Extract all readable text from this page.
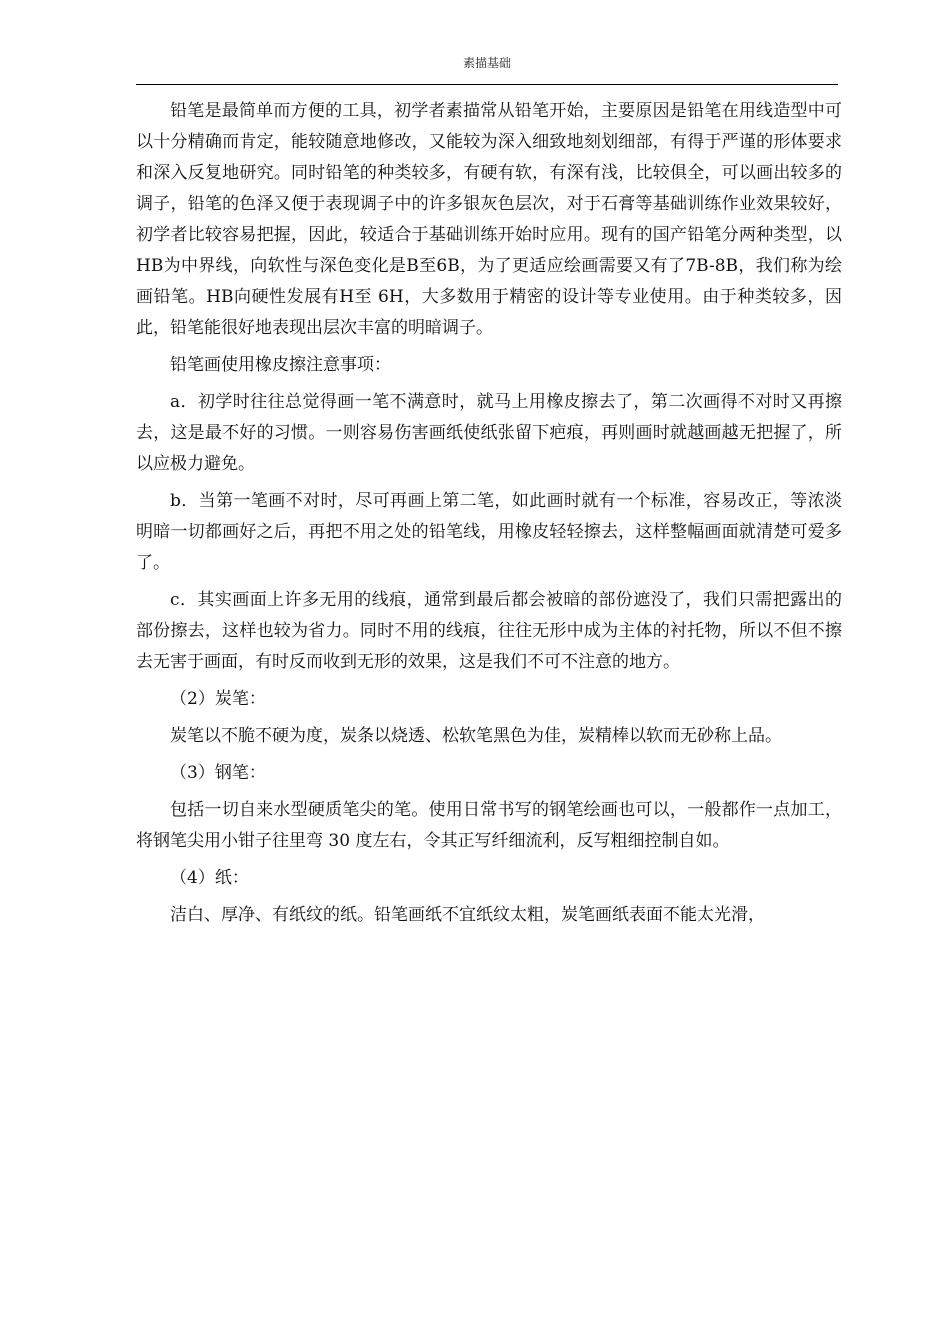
素描基础

铅笔是最简单而方便的工具，初学者素描常从铅笔开始，主要原因是铅笔在用线造型中可以十分精确而肯定，能较随意地修改，又能较为深入细致地刻划细部，有得于严谨的形体要求和深入反复地研究。同时铅笔的种类较多，有硬有软，有深有浅，比较俱全，可以画出较多的调子，铅笔的色泽又便于表现调子中的许多银灰色层次，对于石膏等基础训练作业效果较好，初学者比较容易把握，因此，较适合于基础训练开始时应用。现有的国产铅笔分两种类型，以HB为中界线，向软性与深色变化是B至6B，为了更适应绘画需要又有了7B-8B，我们称为绘画铅笔。HB向硬性发展有H至 6H，大多数用于精密的设计等专业使用。由于种类较多，因此，铅笔能很好地表现出层次丰富的明暗调子。

铅笔画使用橡皮擦注意事项：

a．初学时往往总觉得画一笔不满意时，就马上用橡皮擦去了，第二次画得不对时又再擦去，这是最不好的习惯。一则容易伤害画纸使纸张留下疤痕，再则画时就越画越无把握了，所以应极力避免。

b．当第一笔画不对时，尽可再画上第二笔，如此画时就有一个标准，容易改正，等浓淡明暗一切都画好之后，再把不用之处的铅笔线，用橡皮轻轻擦去，这样整幅画面就清楚可爱多了。

c．其实画面上许多无用的线痕，通常到最后都会被暗的部份遮没了，我们只需把露出的部份擦去，这样也较为省力。同时不用的线痕，往往无形中成为主体的衬托物，所以不但不擦去无害于画面，有时反而收到无形的效果，这是我们不可不注意的地方。

（2）炭笔：

炭笔以不脆不硬为度，炭条以烧透、松软笔黑色为佳，炭精棒以软而无砂称上品。

（3）钢笔：

包括一切自来水型硬质笔尖的笔。使用日常书写的钢笔绘画也可以，一般都作一点加工，将钢笔尖用小钳子往里弯 30 度左右，令其正写纤细流利，反写粗细控制自如。

（4）纸：

洁白、厚净、有纸纹的纸。铅笔画纸不宜纸纹太粗，炭笔画纸表面不能太光滑，
